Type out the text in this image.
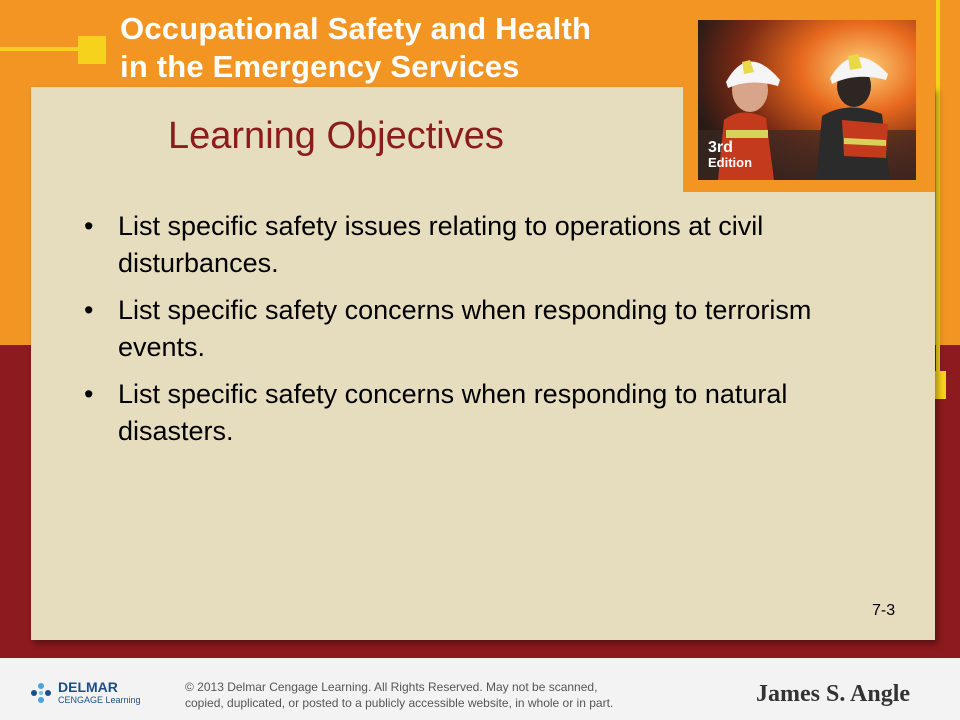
Occupational Safety and Health
in the Emergency Services
3rd
Edition
Learning Objectives
• List specific safety issues relating to operations at civil disturbances.
• List specific safety concerns when responding to terrorism events.
• List specific safety concerns when responding to natural disasters.
7-3
DELMAR
CENGAGE Learning
© 2013 Delmar Cengage Learning. All Rights Reserved. May not be scanned,
copied, duplicated, or posted to a publicly accessible website, in whole or in part.	James S. Angle
